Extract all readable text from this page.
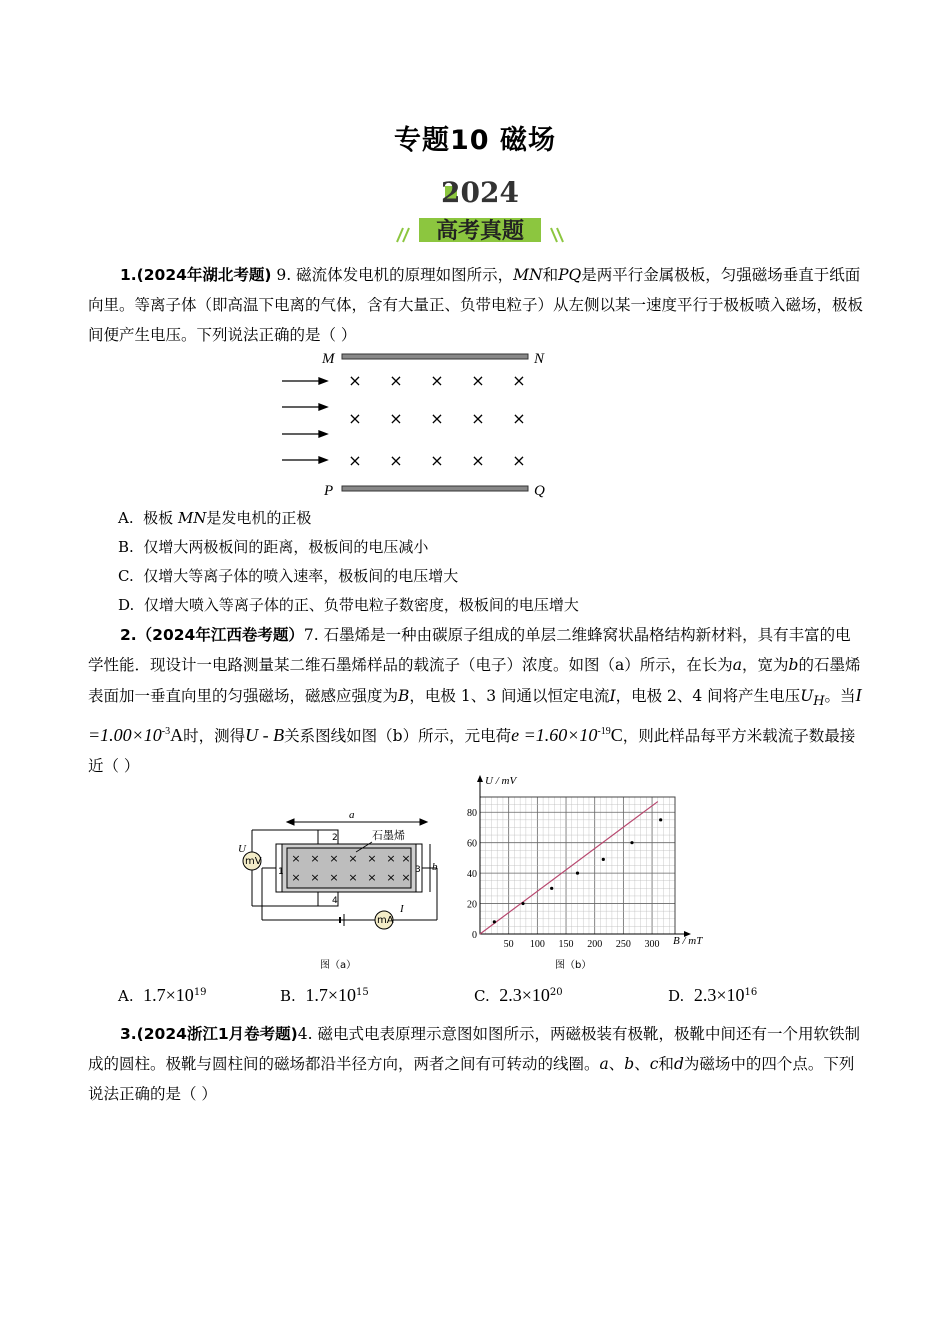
专题10 磁场
2024
高考真题
1.(2024年湖北考题) 9. 磁流体发电机的原理如图所示，MN和PQ是两平行金属极板，匀强磁场垂直于纸面向里。等离子体（即高温下电离的气体，含有大量正、负带电粒子）从左侧以某一速度平行于极板喷入磁场，极板间便产生电压。下列说法正确的是（ ）
M	N
P	Q
× × × × ×
× × × × ×
× × × × ×
A. 极板 MN是发电机的正极
B. 仅增大两极板间的距离，极板间的电压减小
C. 仅增大等离子体的喷入速率，极板间的电压增大
D. 仅增大喷入等离子体的正、负带电粒子数密度，极板间的电压增大
2.（2024年江西卷考题）7. 石墨烯是一种由碳原子组成的单层二维蜂窝状晶格结构新材料，具有丰富的电学性能．现设计一电路测量某二维石墨烯样品的载流子（电子）浓度。如图（a）所示，在长为a，宽为b的石墨烯表面加一垂直向里的匀强磁场，磁感应强度为B，电极 1、3 间通以恒定电流I，电极 2、4 间将产生电压$U_H$。当$I =1.00\times 10^{-3}A$时，测得U - B关系图线如图（b）所示，元电荷$e =1.60\times 10^{-19}C$，则此样品每平方米载流子数最接近（ ）
mV
mA
U
I
a
b
石墨烯
1
2
3
4
× × × × × × ×
× × × × × × ×
图（a）
50 100 150 200 250 300
0
20
40
60
80
U / mV
B / mT
图（b）
A. $1.7\times 10^{19}$	B. $1.7\times 10^{15}$	C. $2.3\times 10^{20}$	D. $2.3\times 10^{16}$
3.(2024浙江1月卷考题)4. 磁电式电表原理示意图如图所示，两磁极装有极靴，极靴中间还有一个用软铁制成的圆柱。极靴与圆柱间的磁场都沿半径方向，两者之间有可转动的线圈。a、b、c和d为磁场中的四个点。下列说法正确的是（ ）
